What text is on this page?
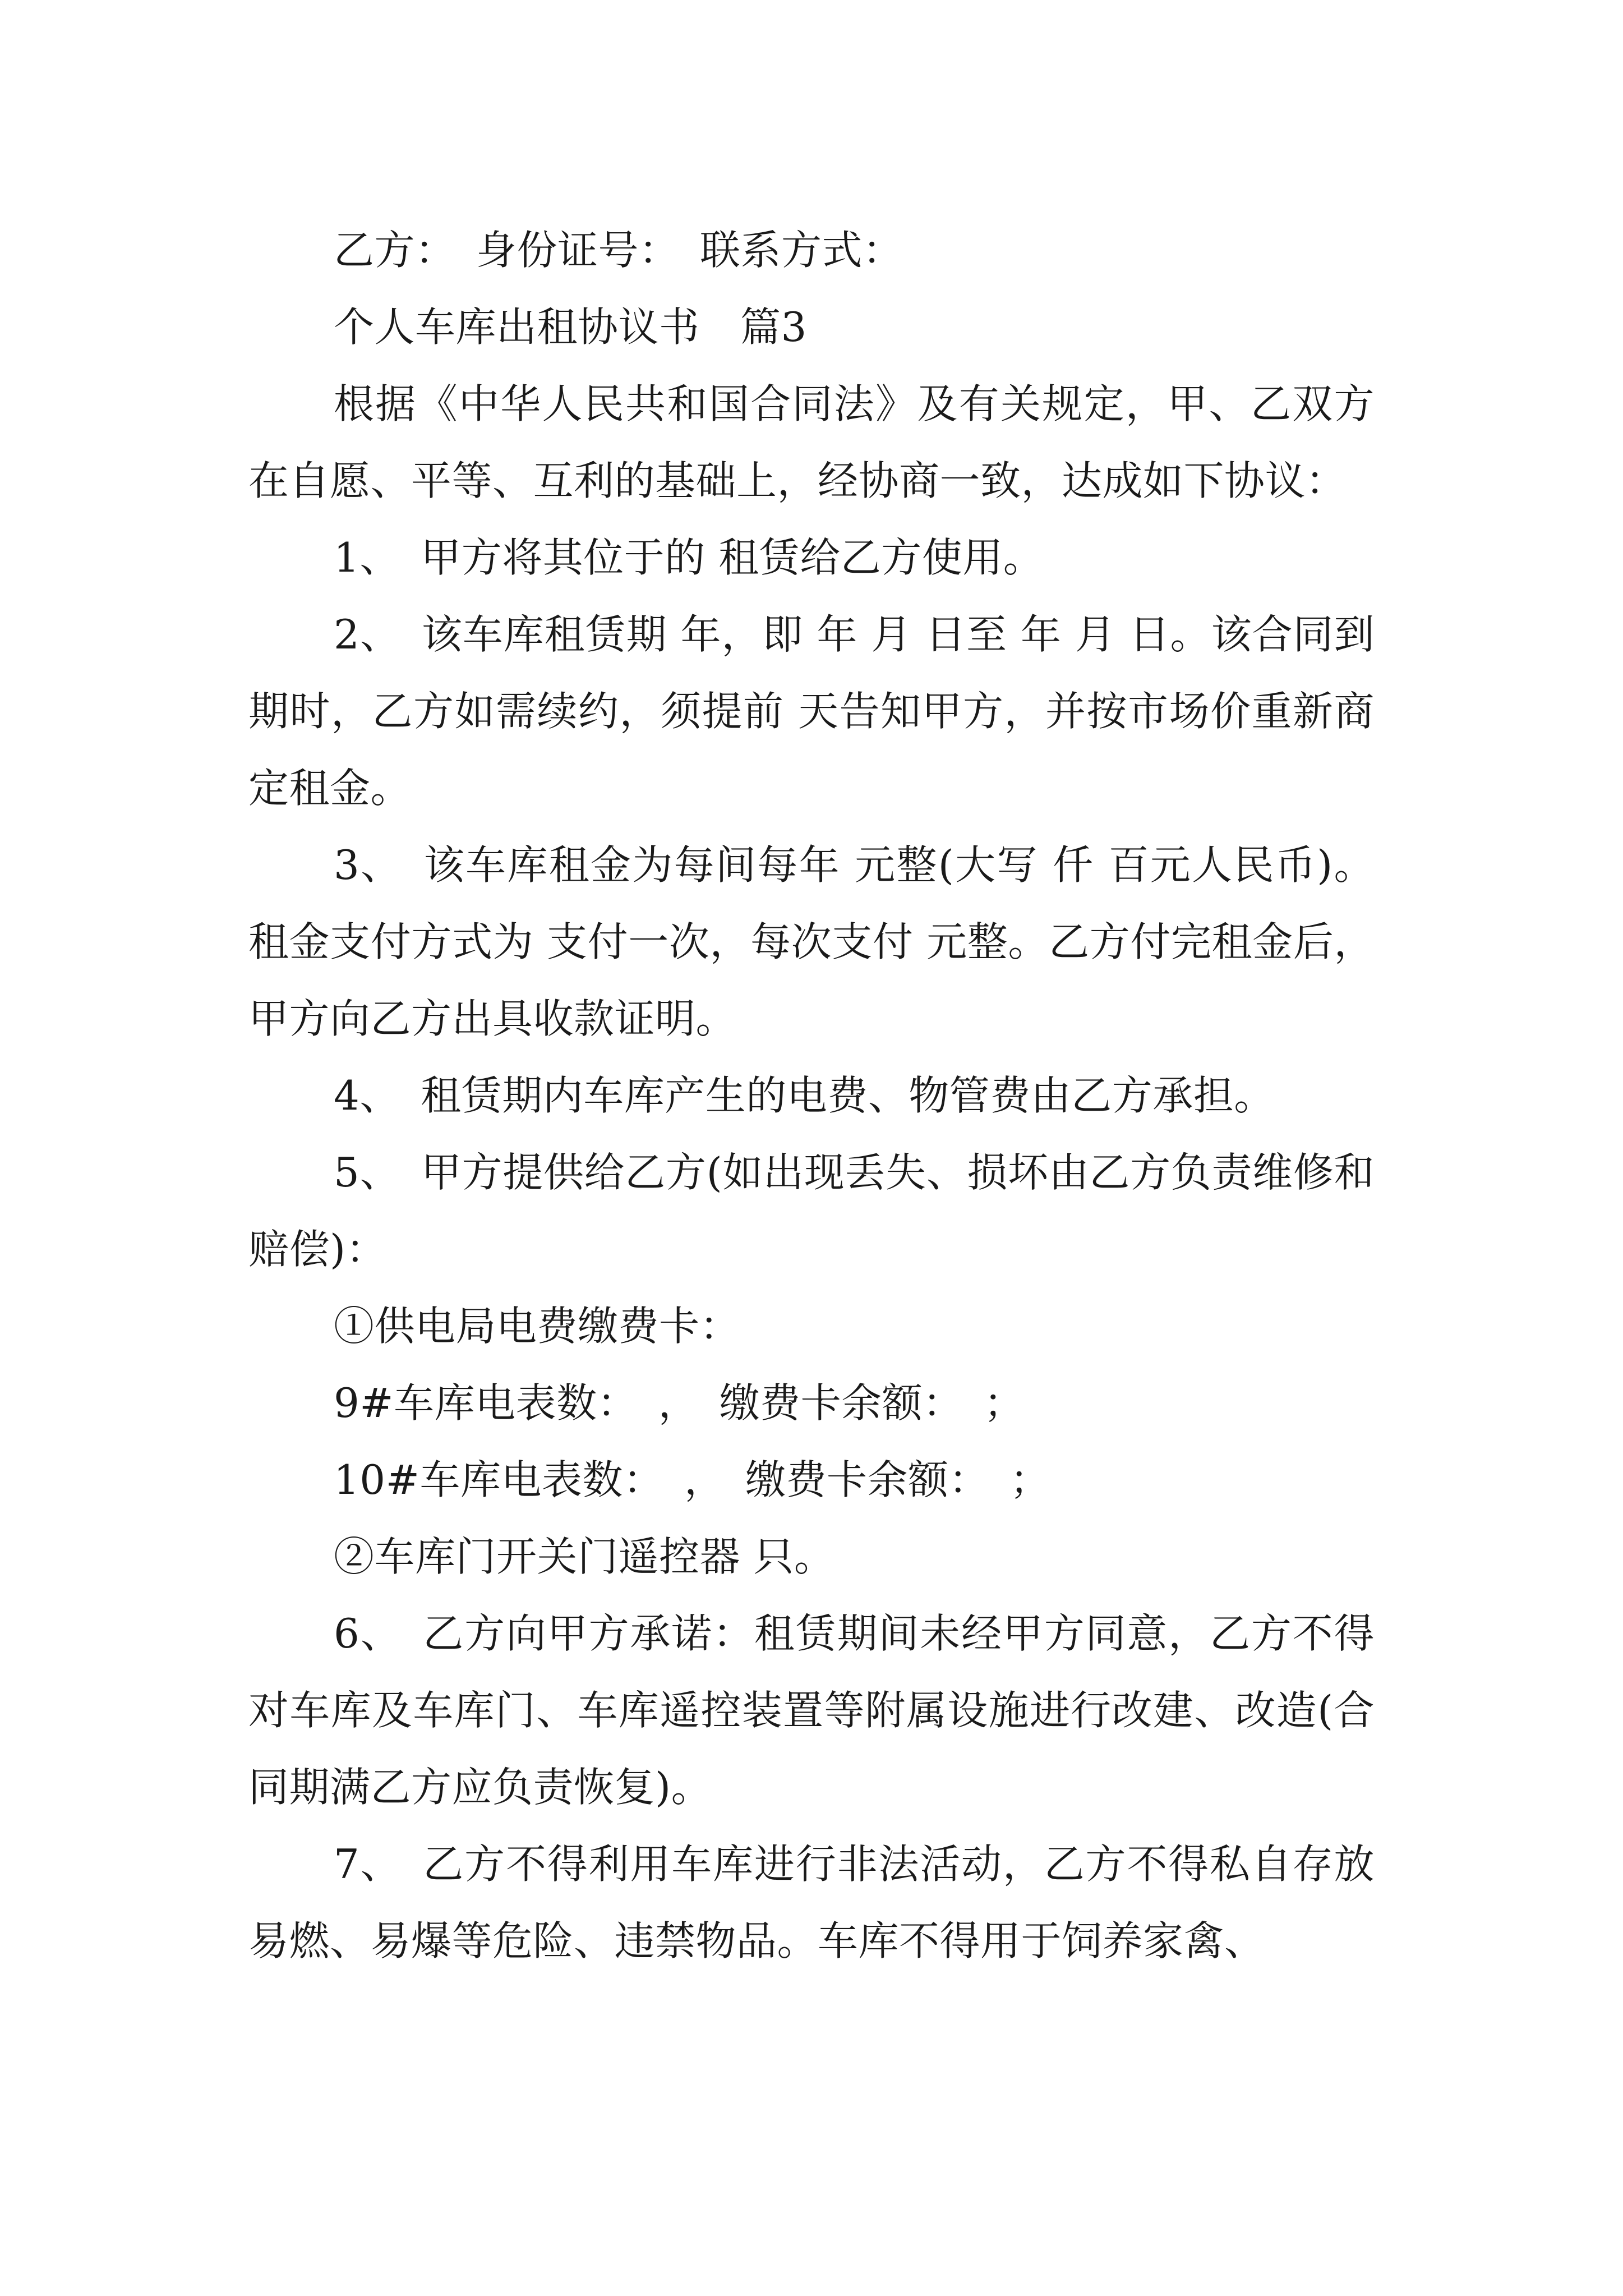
乙方：　身份证号：　联系方式：

个人车库出租协议书　篇3

根据《中华人民共和国合同法》及有关规定，甲、乙双方在自愿、平等、互利的基础上，经协商一致，达成如下协议：

1、　甲方将其位于的 租赁给乙方使用。

2、　该车库租赁期 年，即 年 月 日至 年 月 日。该合同到期时，乙方如需续约，须提前 天告知甲方，并按市场价重新商定租金。

3、　该车库租金为每间每年 元整(大写 仟 百元人民币)。租金支付方式为 支付一次，每次支付 元整。乙方付完租金后，甲方向乙方出具收款证明。

4、　租赁期内车库产生的电费、物管费由乙方承担。

5、　甲方提供给乙方(如出现丢失、损坏由乙方负责维修和赔偿)：

①供电局电费缴费卡：

9#车库电表数：　，　缴费卡余额：　；

10#车库电表数：　，　缴费卡余额：　；

②车库门开关门遥控器 只。

6、　乙方向甲方承诺：租赁期间未经甲方同意，乙方不得对车库及车库门、车库遥控装置等附属设施进行改建、改造(合同期满乙方应负责恢复)。

7、　乙方不得利用车库进行非法活动，乙方不得私自存放易燃、易爆等危险、违禁物品。车库不得用于饲养家禽、
